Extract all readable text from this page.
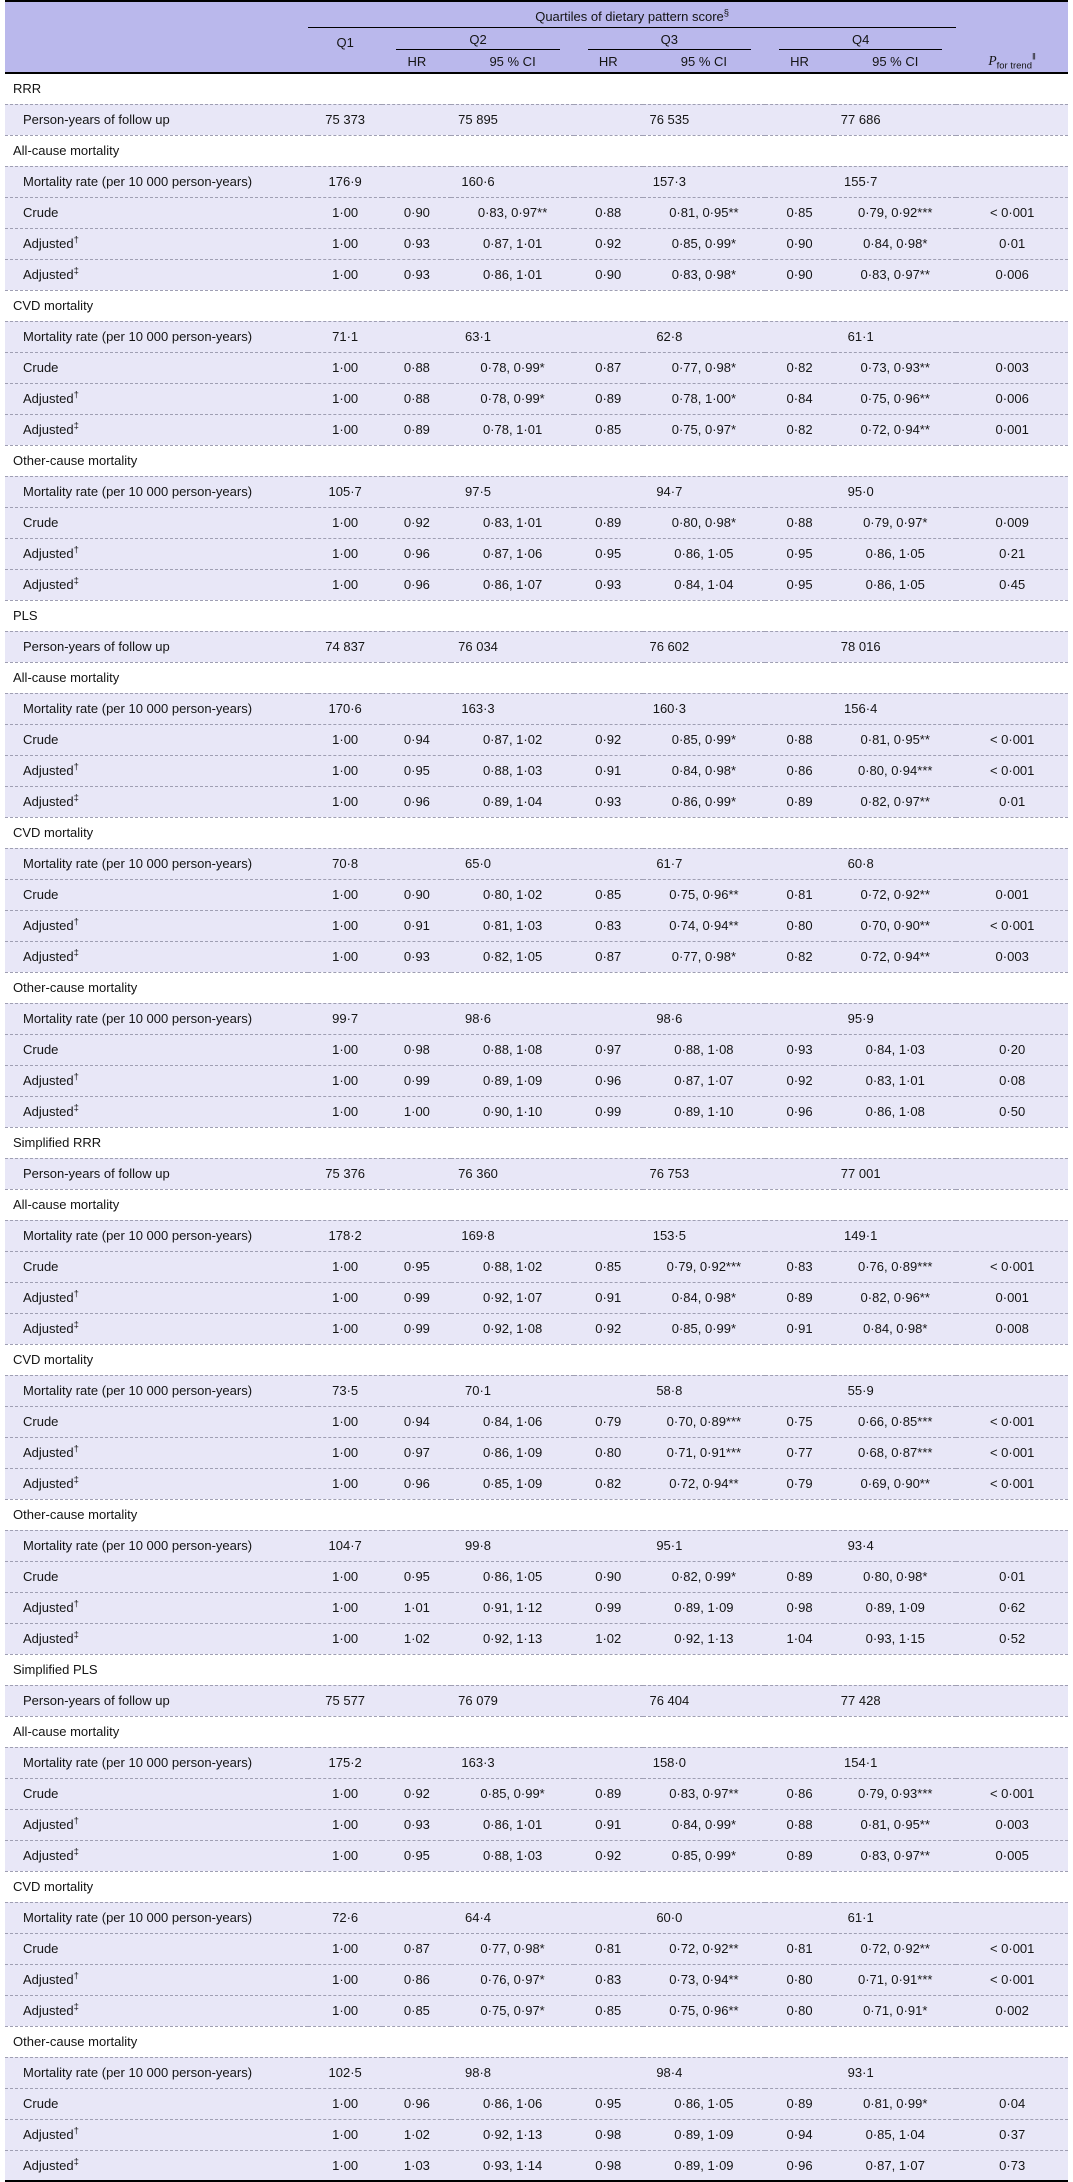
	Quartiles of dietary pattern score§	
	Q1	Q2		Q3		Q4		

		HR	95 % CI	HR	95 % CI	HR	95 % CI	$P_{for trend}^‖$
RRR								
Person-years of follow up	75 373	75 895		76 535		77 686		
All-cause mortality								
Mortality rate (per 10 000 person-years)	176·9	160·6		157·3		155·7		
Crude	1·00	0·90	0·83, 0·97**	0·88	0·81, 0·95**	0·85	0·79, 0·92***	< 0·001
Adjusted†	1·00	0·93	0·87, 1·01	0·92	0·85, 0·99*	0·90	0·84, 0·98*	0·01
Adjusted‡	1·00	0·93	0·86, 1·01	0·90	0·83, 0·98*	0·90	0·83, 0·97**	0·006
CVD mortality								
Mortality rate (per 10 000 person-years)	71·1	63·1		62·8		61·1		
Crude	1·00	0·88	0·78, 0·99*	0·87	0·77, 0·98*	0·82	0·73, 0·93**	0·003
Adjusted†	1·00	0·88	0·78, 0·99*	0·89	0·78, 1·00*	0·84	0·75, 0·96**	0·006
Adjusted‡	1·00	0·89	0·78, 1·01	0·85	0·75, 0·97*	0·82	0·72, 0·94**	0·001
Other-cause mortality								
Mortality rate (per 10 000 person-years)	105·7	97·5		94·7		95·0		
Crude	1·00	0·92	0·83, 1·01	0·89	0·80, 0·98*	0·88	0·79, 0·97*	0·009
Adjusted†	1·00	0·96	0·87, 1·06	0·95	0·86, 1·05	0·95	0·86, 1·05	0·21
Adjusted‡	1·00	0·96	0·86, 1·07	0·93	0·84, 1·04	0·95	0·86, 1·05	0·45
PLS								
Person-years of follow up	74 837	76 034		76 602		78 016		
All-cause mortality								
Mortality rate (per 10 000 person-years)	170·6	163·3		160·3		156·4		
Crude	1·00	0·94	0·87, 1·02	0·92	0·85, 0·99*	0·88	0·81, 0·95**	< 0·001
Adjusted†	1·00	0·95	0·88, 1·03	0·91	0·84, 0·98*	0·86	0·80, 0·94***	< 0·001
Adjusted‡	1·00	0·96	0·89, 1·04	0·93	0·86, 0·99*	0·89	0·82, 0·97**	0·01
CVD mortality								
Mortality rate (per 10 000 person-years)	70·8	65·0		61·7		60·8		
Crude	1·00	0·90	0·80, 1·02	0·85	0·75, 0·96**	0·81	0·72, 0·92**	0·001
Adjusted†	1·00	0·91	0·81, 1·03	0·83	0·74, 0·94**	0·80	0·70, 0·90**	< 0·001
Adjusted‡	1·00	0·93	0·82, 1·05	0·87	0·77, 0·98*	0·82	0·72, 0·94**	0·003
Other-cause mortality								
Mortality rate (per 10 000 person-years)	99·7	98·6		98·6		95·9		
Crude	1·00	0·98	0·88, 1·08	0·97	0·88, 1·08	0·93	0·84, 1·03	0·20
Adjusted†	1·00	0·99	0·89, 1·09	0·96	0·87, 1·07	0·92	0·83, 1·01	0·08
Adjusted‡	1·00	1·00	0·90, 1·10	0·99	0·89, 1·10	0·96	0·86, 1·08	0·50
Simplified RRR								
Person-years of follow up	75 376	76 360		76 753		77 001		
All-cause mortality								
Mortality rate (per 10 000 person-years)	178·2	169·8		153·5		149·1		
Crude	1·00	0·95	0·88, 1·02	0·85	0·79, 0·92***	0·83	0·76, 0·89***	< 0·001
Adjusted†	1·00	0·99	0·92, 1·07	0·91	0·84, 0·98*	0·89	0·82, 0·96**	0·001
Adjusted‡	1·00	0·99	0·92, 1·08	0·92	0·85, 0·99*	0·91	0·84, 0·98*	0·008
CVD mortality								
Mortality rate (per 10 000 person-years)	73·5	70·1		58·8		55·9		
Crude	1·00	0·94	0·84, 1·06	0·79	0·70, 0·89***	0·75	0·66, 0·85***	< 0·001
Adjusted†	1·00	0·97	0·86, 1·09	0·80	0·71, 0·91***	0·77	0·68, 0·87***	< 0·001
Adjusted‡	1·00	0·96	0·85, 1·09	0·82	0·72, 0·94**	0·79	0·69, 0·90**	< 0·001
Other-cause mortality								
Mortality rate (per 10 000 person-years)	104·7	99·8		95·1		93·4		
Crude	1·00	0·95	0·86, 1·05	0·90	0·82, 0·99*	0·89	0·80, 0·98*	0·01
Adjusted†	1·00	1·01	0·91, 1·12	0·99	0·89, 1·09	0·98	0·89, 1·09	0·62
Adjusted‡	1·00	1·02	0·92, 1·13	1·02	0·92, 1·13	1·04	0·93, 1·15	0·52
Simplified PLS								
Person-years of follow up	75 577	76 079		76 404		77 428		
All-cause mortality								
Mortality rate (per 10 000 person-years)	175·2	163·3		158·0		154·1		
Crude	1·00	0·92	0·85, 0·99*	0·89	0·83, 0·97**	0·86	0·79, 0·93***	< 0·001
Adjusted†	1·00	0·93	0·86, 1·01	0·91	0·84, 0·99*	0·88	0·81, 0·95**	0·003
Adjusted‡	1·00	0·95	0·88, 1·03	0·92	0·85, 0·99*	0·89	0·83, 0·97**	0·005
CVD mortality								
Mortality rate (per 10 000 person-years)	72·6	64·4		60·0		61·1		
Crude	1·00	0·87	0·77, 0·98*	0·81	0·72, 0·92**	0·81	0·72, 0·92**	< 0·001
Adjusted†	1·00	0·86	0·76, 0·97*	0·83	0·73, 0·94**	0·80	0·71, 0·91***	< 0·001
Adjusted‡	1·00	0·85	0·75, 0·97*	0·85	0·75, 0·96**	0·80	0·71, 0·91*	0·002
Other-cause mortality								
Mortality rate (per 10 000 person-years)	102·5	98·8		98·4		93·1		
Crude	1·00	0·96	0·86, 1·06	0·95	0·86, 1·05	0·89	0·81, 0·99*	0·04
Adjusted†	1·00	1·02	0·92, 1·13	0·98	0·89, 1·09	0·94	0·85, 1·04	0·37
Adjusted‡	1·00	1·03	0·93, 1·14	0·98	0·89, 1·09	0·96	0·87, 1·07	0·73
